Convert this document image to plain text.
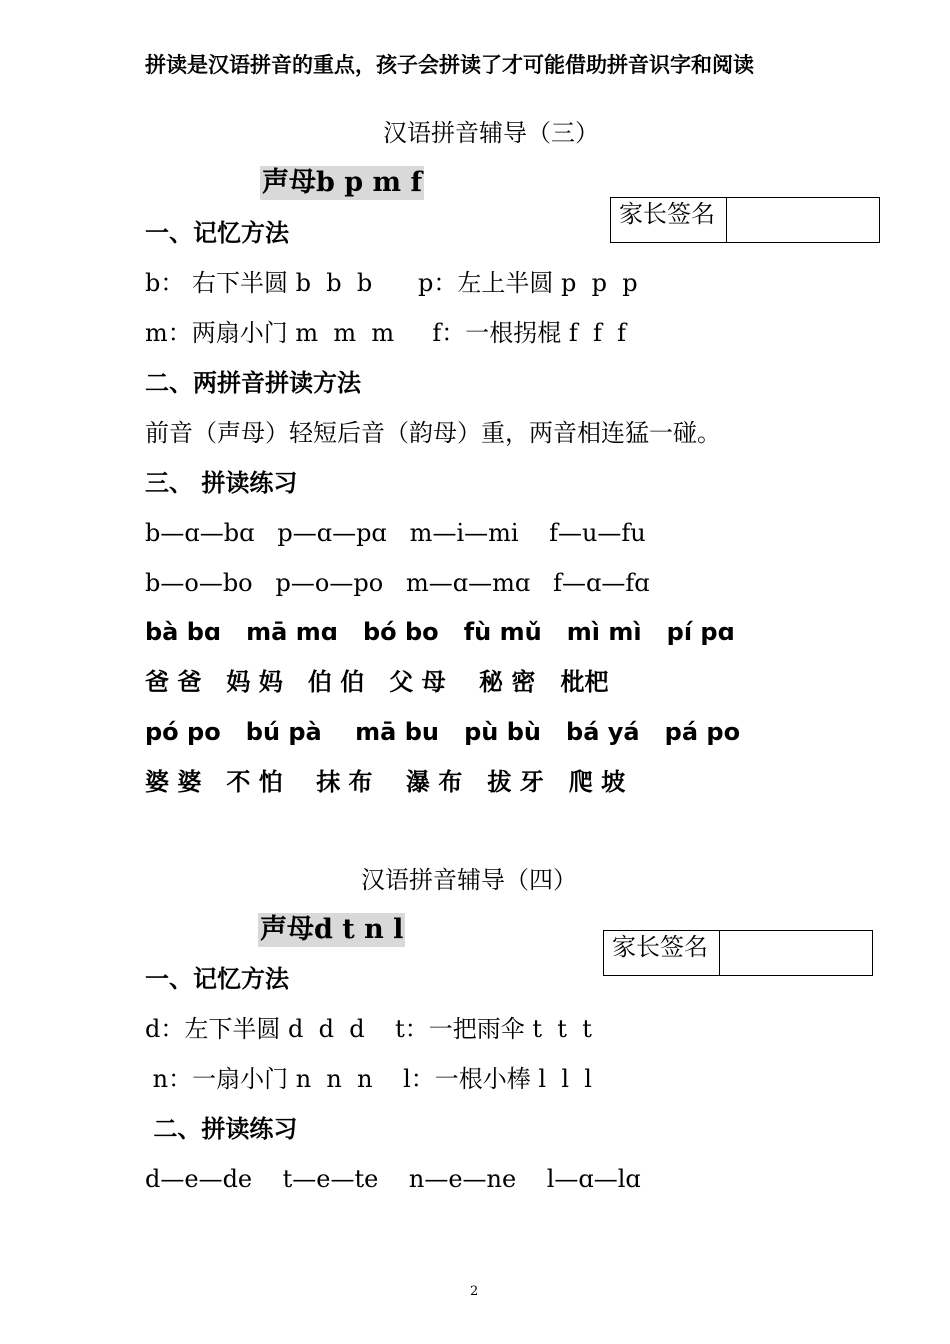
拼读是汉语拼音的重点，孩子会拼读了才可能借助拼音识字和阅读
汉语拼音辅导（三）
声母b p m f
家长签名
一、记忆方法
b： 右下半圆 b  b  b      p：左上半圆 p  p  p
m：两扇小门 m  m  m     f：一根拐棍 f  f  f
二、两拼音拼读方法
前音（声母）轻短后音（韵母）重，两音相连猛一碰。
三、 拼读练习
b—ɑ—bɑ   p—ɑ—pɑ   m—i—mi    f—u—fu
b—o—bo   p—o—po   m—ɑ—mɑ   f—ɑ—fɑ
bà bɑ   mā mɑ   bó bo   fù mǔ   mì mì   pí pɑ
爸 爸   妈 妈   伯 伯   父 母    秘 密   枇杷
pó po   bú pà    mā bu   pù bù   bá yá   pá po
婆 婆   不 怕    抹 布    瀑 布   拔 牙   爬 坡
汉语拼音辅导（四）
声母d t n l
家长签名
一、记忆方法
d：左下半圆 d  d  d    t：一把雨伞 t  t  t
n：一扇小门 n  n  n    l：一根小棒 l  l  l
二、拼读练习
d—e—de    t—e—te    n—e—ne    l—ɑ—lɑ
2
